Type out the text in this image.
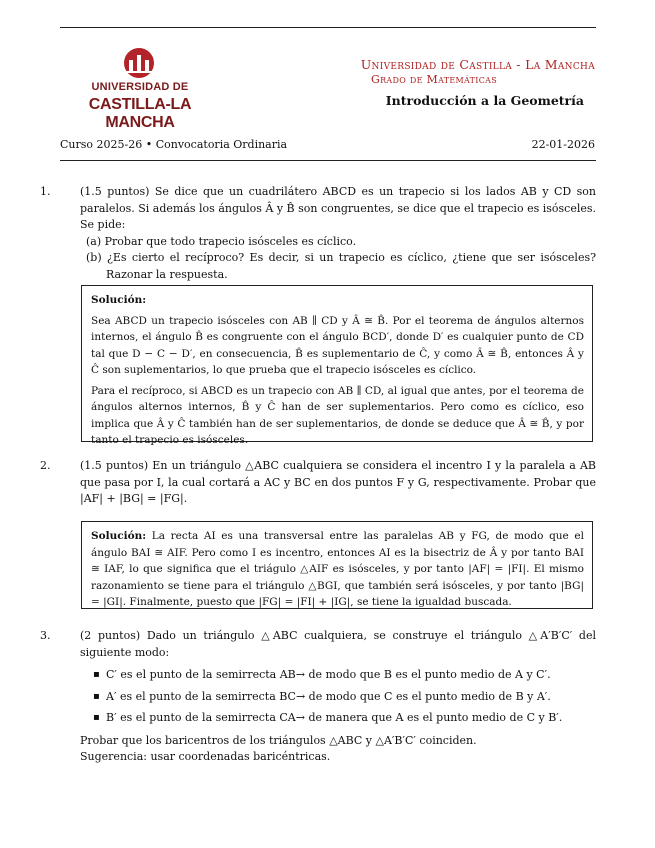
UNIVERSIDAD DE
CASTILLA-LA MANCHA
Universidad de Castilla - La Mancha
Grado de Matemáticas
Introducción a la Geometría
Curso 2025-26 • Convocatoria Ordinaria	22-01-2026

1.	(1.5 puntos) Se dice que un cuadrilátero ABCD es un trapecio si los lados AB y CD son paralelos. Si además los ángulos Â y B̂ son congruentes, se dice que el trapecio es isósceles. Se pide:

(a) Probar que todo trapecio isósceles es cíclico.

(b) ¿Es cierto el recíproco? Es decir, si un trapecio es cíclico, ¿tiene que ser isósceles? Razonar la respuesta.

Solución:

Sea ABCD un trapecio isósceles con AB ∥ CD y Â ≅ B̂. Por el teorema de ángulos alternos internos, el ángulo B̂ es congruente con el ángulo BCD′, donde D′ es cualquier punto de CD tal que D − C − D′, en consecuencia, B̂ es suplementario de Ĉ, y como Â ≅ B̂, entonces Â y Ĉ son suplementarios, lo que prueba que el trapecio isósceles es cíclico.

Para el recíproco, si ABCD es un trapecio con AB ∥ CD, al igual que antes, por el teorema de ángulos alternos internos, B̂ y Ĉ han de ser suplementarios. Pero como es cíclico, eso implica que Â y Ĉ también han de ser suplementarios, de donde se deduce que Â ≅ B̂, y por tanto el trapecio es isósceles.

2.	(1.5 puntos) En un triángulo △ABC cualquiera se considera el incentro I y la paralela a AB que pasa por I, la cual cortará a AC y BC en dos puntos F y G, respectivamente. Probar que |AF| + |BG| = |FG|.

Solución: La recta AI es una transversal entre las paralelas AB y FG, de modo que el ángulo BAI ≅ AIF. Pero como I es incentro, entonces AI es la bisectriz de Â y por tanto BAI ≅ IAF, lo que significa que el triágulo △AIF es isósceles, y por tanto |AF| = |FI|. El mismo razonamiento se tiene para el triángulo △BGI, que también será isósceles, y por tanto |BG| = |GI|. Finalmente, puesto que |FG| = |FI| + |IG|, se tiene la igualdad buscada.

3.	(2 puntos) Dado un triángulo △ABC cualquiera, se construye el triángulo △A′B′C′ del siguiente modo:

▪ C′ es el punto de la semirrecta AB→ de modo que B es el punto medio de A y C′.
▪ A′ es el punto de la semirrecta BC→ de modo que C es el punto medio de B y A′.
▪ B′ es el punto de la semirrecta CA→ de manera que A es el punto medio de C y B′.

Probar que los baricentros de los triángulos △ABC y △A′B′C′ coinciden.

Sugerencia: usar coordenadas baricéntricas.
